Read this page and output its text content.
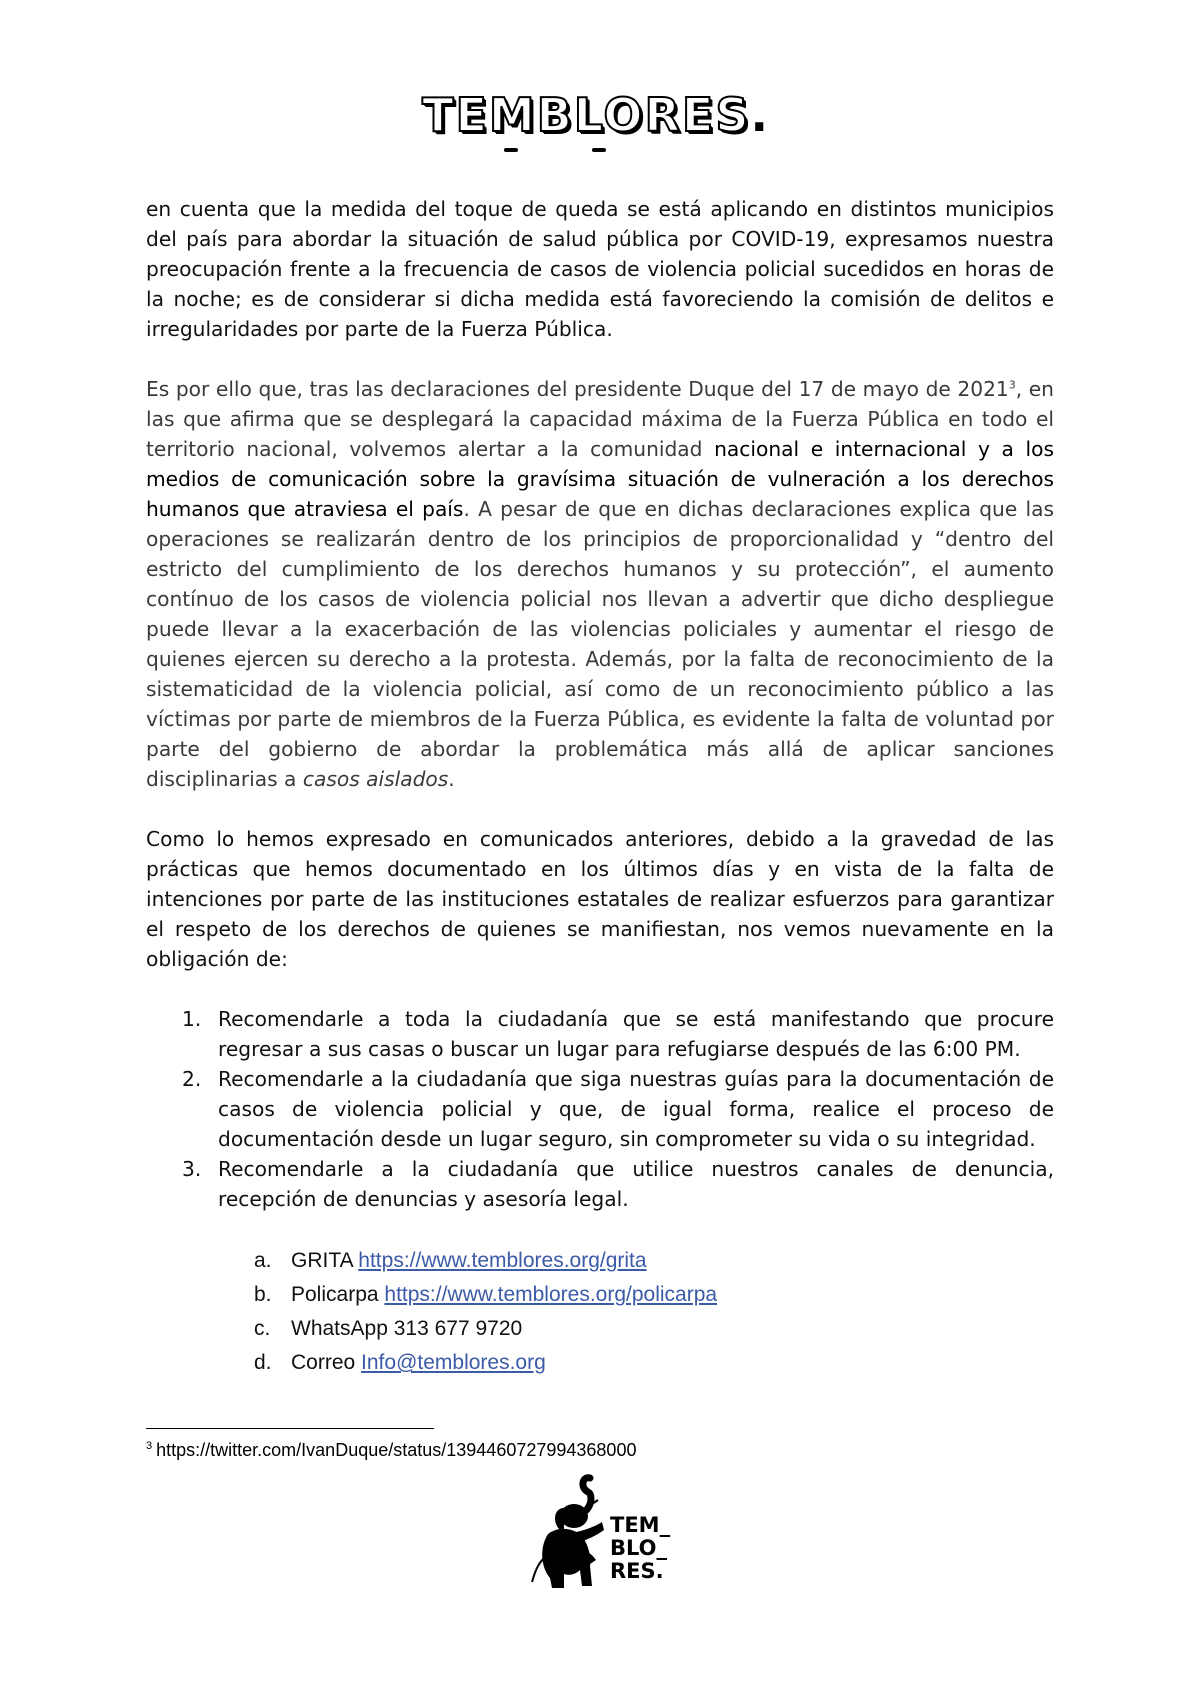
TEMBLORES.

en cuenta que la medida del toque de queda se está aplicando en distintos municipios del país para abordar la situación de salud pública por COVID-19, expresamos nuestra preocupación frente a la frecuencia de casos de violencia policial sucedidos en horas de la noche; es de considerar si dicha medida está favoreciendo la comisión de delitos e irregularidades por parte de la Fuerza Pública.

Es por ello que, tras las declaraciones del presidente Duque del 17 de mayo de 2021$^3$, en las que afirma que se desplegará la capacidad máxima de la Fuerza Pública en todo el territorio nacional, volvemos alertar a la comunidad nacional e internacional y a los medios de comunicación sobre la gravísima situación de vulneración a los derechos humanos que atraviesa el país. A pesar de que en dichas declaraciones explica que las operaciones se realizarán dentro de los principios de proporcionalidad y “dentro del estricto del cumplimiento de los derechos humanos y su protección”, el aumento contínuo de los casos de violencia policial nos llevan a advertir que dicho despliegue puede llevar a la exacerbación de las violencias policiales y aumentar el riesgo de quienes ejercen su derecho a la protesta. Además, por la falta de reconocimiento de la sistematicidad de la violencia policial, así como de un reconocimiento público a las víctimas por parte de miembros de la Fuerza Pública, es evidente la falta de voluntad por parte del gobierno de abordar la problemática más allá de aplicar sanciones disciplinarias a casos aislados.

Como lo hemos expresado en comunicados anteriores, debido a la gravedad de las prácticas que hemos documentado en los últimos días y en vista de la falta de intenciones por parte de las instituciones estatales de realizar esfuerzos para garantizar el respeto de los derechos de quienes se manifiestan, nos vemos nuevamente en la obligación de:

1. Recomendarle a toda la ciudadanía que se está manifestando que procure regresar a sus casas o buscar un lugar para refugiarse después de las 6:00 PM.
2. Recomendarle a la ciudadanía que siga nuestras guías para la documentación de casos de violencia policial y que, de igual forma, realice el proceso de documentación desde un lugar seguro, sin comprometer su vida o su integridad.
3. Recomendarle a la ciudadanía que utilice nuestros canales de denuncia, recepción de denuncias y asesoría legal.
a. GRITA https://www.temblores.org/grita
b. Policarpa https://www.temblores.org/policarpa
c. WhatsApp 313 677 9720
d. Correo Info@temblores.org
$^3$ https://twitter.com/IvanDuque/status/1394460727994368000
TEM_
BLO_
RES.
